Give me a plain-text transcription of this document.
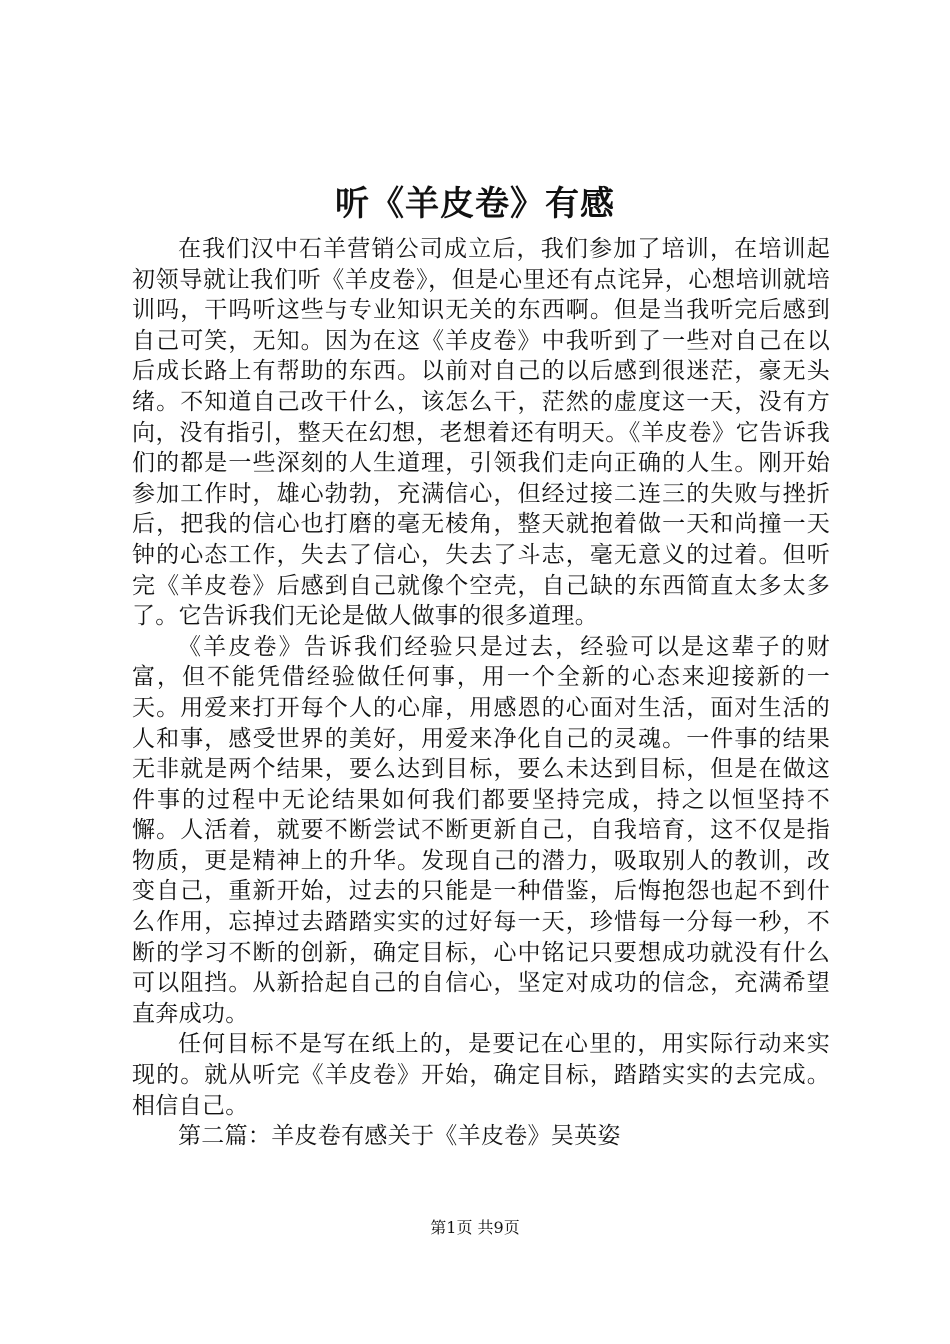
听《羊皮卷》有感

在我们汉中石羊营销公司成立后，我们参加了培训，在培训起初领导就让我们听《羊皮卷》，但是心里还有点诧异，心想培训就培训吗，干吗听这些与专业知识无关的东西啊。但是当我听完后感到自己可笑，无知。因为在这《羊皮卷》中我听到了一些对自己在以后成长路上有帮助的东西。以前对自己的以后感到很迷茫，豪无头绪。不知道自己改干什么，该怎么干，茫然的虚度这一天，没有方向，没有指引，整天在幻想，老想着还有明天。《羊皮卷》它告诉我们的都是一些深刻的人生道理，引领我们走向正确的人生。刚开始参加工作时，雄心勃勃，充满信心，但经过接二连三的失败与挫折后，把我的信心也打磨的毫无棱角，整天就抱着做一天和尚撞一天钟的心态工作，失去了信心，失去了斗志，毫无意义的过着。但听完《羊皮卷》后感到自己就像个空壳，自己缺的东西简直太多太多了。它告诉我们无论是做人做事的很多道理。

《羊皮卷》告诉我们经验只是过去，经验可以是这辈子的财富，但不能凭借经验做任何事，用一个全新的心态来迎接新的一天。用爱来打开每个人的心扉，用感恩的心面对生活，面对生活的人和事，感受世界的美好，用爱来净化自己的灵魂。一件事的结果无非就是两个结果，要么达到目标，要么未达到目标，但是在做这件事的过程中无论结果如何我们都要坚持完成，持之以恒坚持不懈。人活着，就要不断尝试不断更新自己，自我培育，这不仅是指物质，更是精神上的升华。发现自己的潜力，吸取别人的教训，改变自己，重新开始，过去的只能是一种借鉴，后悔抱怨也起不到什么作用，忘掉过去踏踏实实的过好每一天，珍惜每一分每一秒，不断的学习不断的创新，确定目标，心中铭记只要想成功就没有什么可以阻挡。从新拾起自己的自信心，坚定对成功的信念，充满希望直奔成功。

任何目标不是写在纸上的，是要记在心里的，用实际行动来实现的。就从听完《羊皮卷》开始，确定目标，踏踏实实的去完成。相信自己。

第二篇：羊皮卷有感关于《羊皮卷》吴英姿

第1页 共9页
